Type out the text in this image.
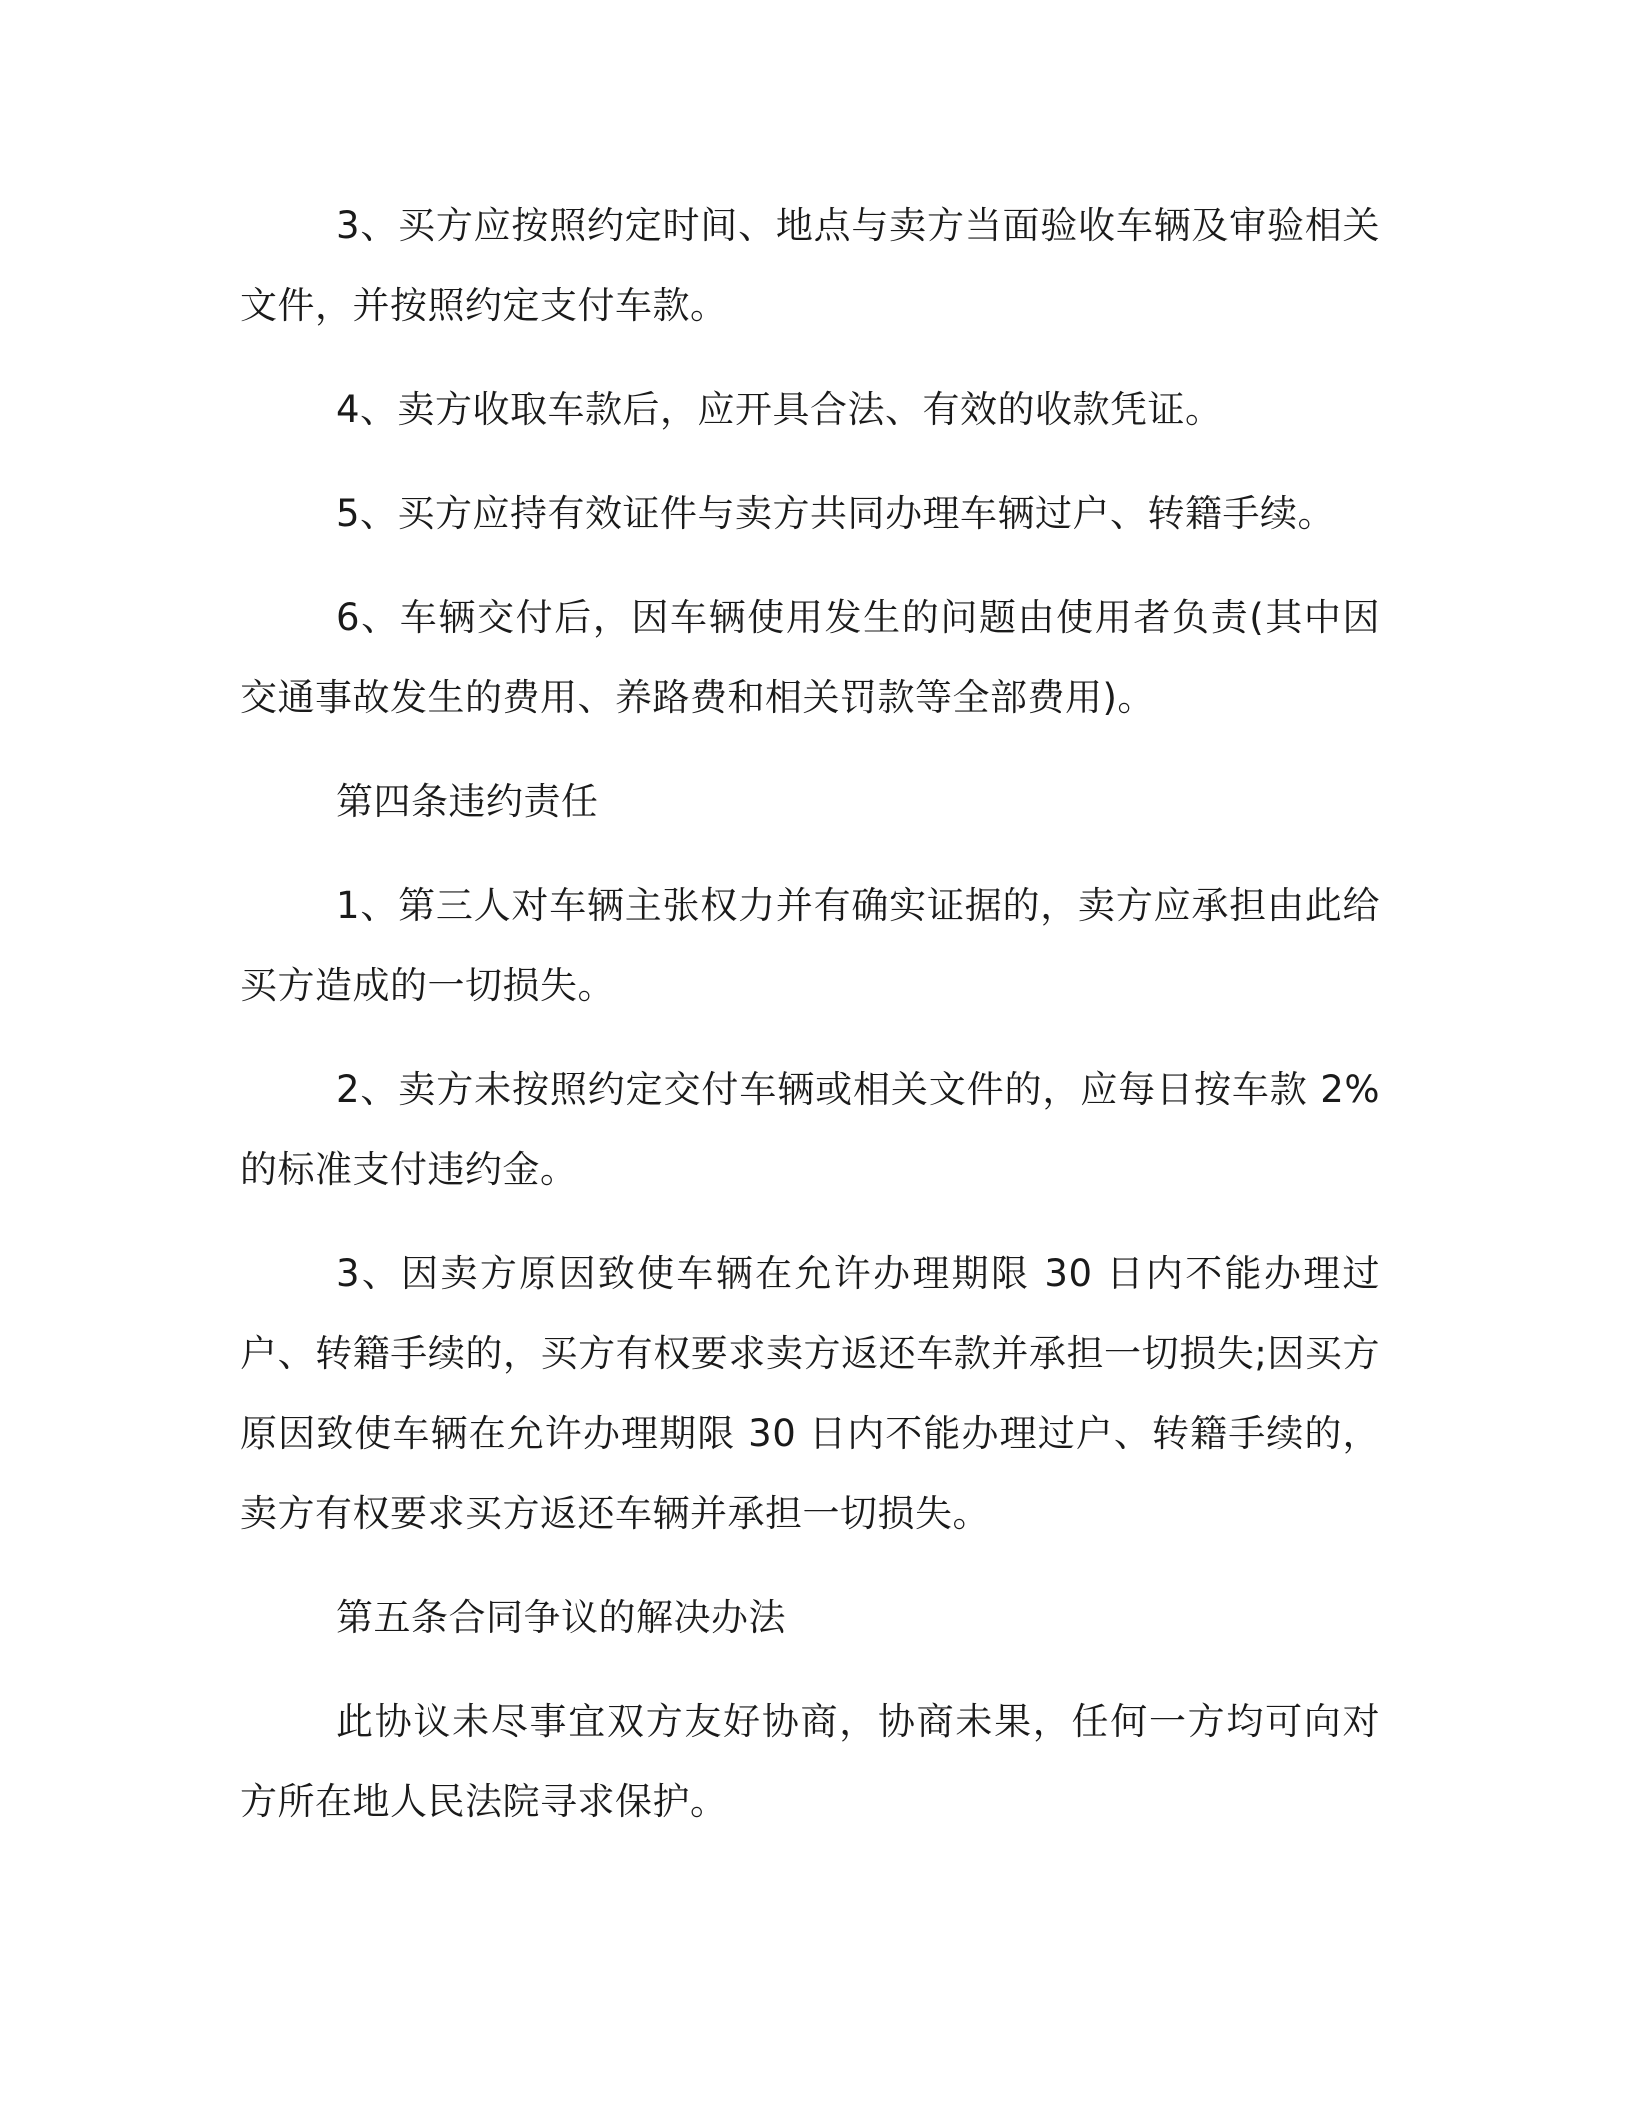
3、买方应按照约定时间、地点与卖方当面验收车辆及审验相关文件，并按照约定支付车款。

4、卖方收取车款后，应开具合法、有效的收款凭证。

5、买方应持有效证件与卖方共同办理车辆过户、转籍手续。

6、车辆交付后，因车辆使用发生的问题由使用者负责(其中因交通事故发生的费用、养路费和相关罚款等全部费用)。

第四条违约责任

1、第三人对车辆主张权力并有确实证据的，卖方应承担由此给买方造成的一切损失。

2、卖方未按照约定交付车辆或相关文件的，应每日按车款 2%的标准支付违约金。

3、因卖方原因致使车辆在允许办理期限 30 日内不能办理过户、转籍手续的，买方有权要求卖方返还车款并承担一切损失;因买方原因致使车辆在允许办理期限 30 日内不能办理过户、转籍手续的，卖方有权要求买方返还车辆并承担一切损失。

第五条合同争议的解决办法

此协议未尽事宜双方友好协商，协商未果，任何一方均可向对方所在地人民法院寻求保护。
